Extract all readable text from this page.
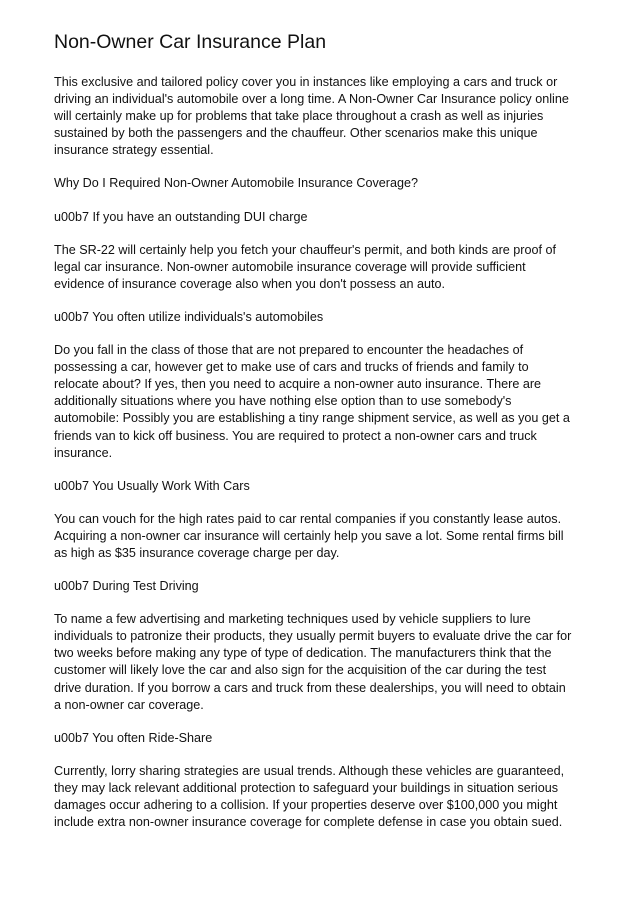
Non-Owner Car Insurance Plan
This exclusive and tailored policy cover you in instances like employing a cars and truck or
driving an individual's automobile over a long time. A Non-Owner Car Insurance policy online
will certainly make up for problems that take place throughout a crash as well as injuries
sustained by both the passengers and the chauffeur. Other scenarios make this unique
insurance strategy essential.
Why Do I Required Non-Owner Automobile Insurance Coverage?
u00b7 If you have an outstanding DUI charge
The SR-22 will certainly help you fetch your chauffeur's permit, and both kinds are proof of
legal car insurance. Non-owner automobile insurance coverage will provide sufficient
evidence of insurance coverage also when you don't possess an auto.
u00b7 You often utilize individuals's automobiles
Do you fall in the class of those that are not prepared to encounter the headaches of
possessing a car, however get to make use of cars and trucks of friends and family to
relocate about? If yes, then you need to acquire a non-owner auto insurance. There are
additionally situations where you have nothing else option than to use somebody's
automobile: Possibly you are establishing a tiny range shipment service, as well as you get a
friends van to kick off business. You are required to protect a non-owner cars and truck
insurance.
u00b7 You Usually Work With Cars
You can vouch for the high rates paid to car rental companies if you constantly lease autos.
Acquiring a non-owner car insurance will certainly help you save a lot. Some rental firms bill
as high as $35 insurance coverage charge per day.
u00b7 During Test Driving
To name a few advertising and marketing techniques used by vehicle suppliers to lure
individuals to patronize their products, they usually permit buyers to evaluate drive the car for
two weeks before making any type of type of dedication. The manufacturers think that the
customer will likely love the car and also sign for the acquisition of the car during the test
drive duration. If you borrow a cars and truck from these dealerships, you will need to obtain
a non-owner car coverage.
u00b7 You often Ride-Share
Currently, lorry sharing strategies are usual trends. Although these vehicles are guaranteed,
they may lack relevant additional protection to safeguard your buildings in situation serious
damages occur adhering to a collision. If your properties deserve over $100,000 you might
include extra non-owner insurance coverage for complete defense in case you obtain sued.
